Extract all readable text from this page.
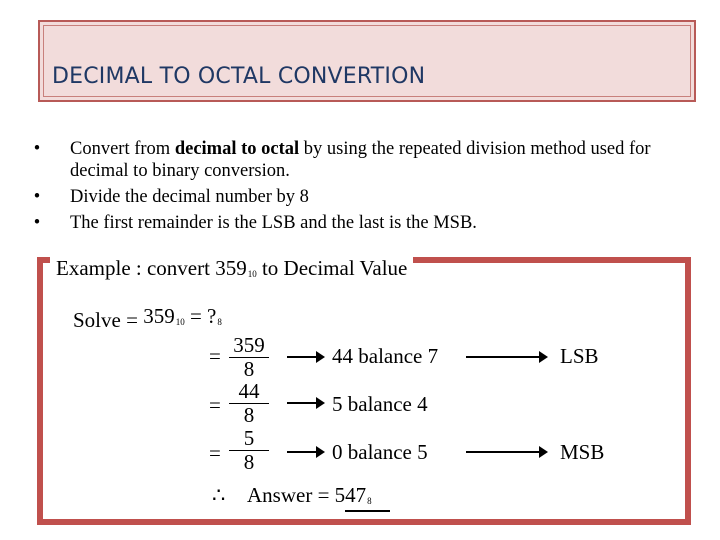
DECIMAL TO OCTAL CONVERTION
• Convert from decimal to octal by using the repeated division method used for decimal to binary conversion.
• Divide the decimal number by 8
• The first remainder is the LSB and the last is the MSB.
Example : convert 35910 to Decimal Value
Solve = 35910 = ?8
= $\frac{359}{8}$	44 balance 7	LSB
= $\frac{44}{8}$	5 balance 4
= $\frac{5}{8}$	0 balance 5	MSB
∴ Answer = 5478
